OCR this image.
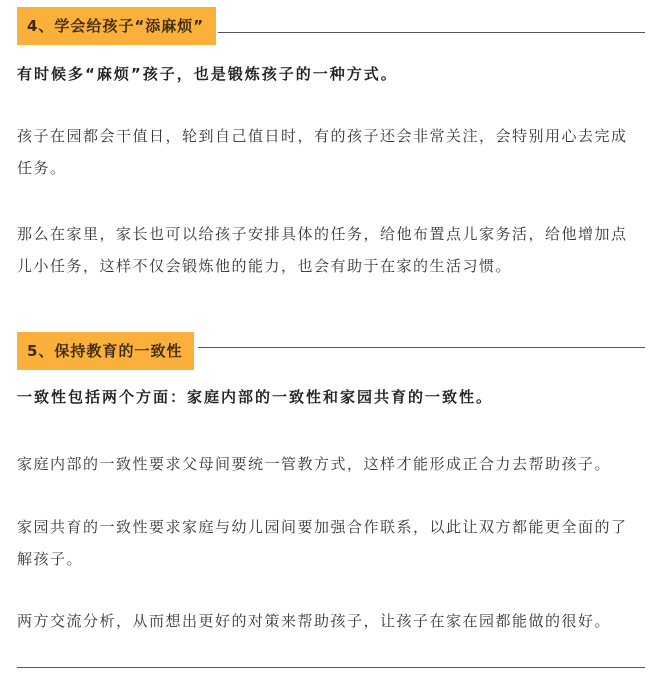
4、学会给孩子“添麻烦”

有时候多“麻烦”孩子，也是锻炼孩子的一种方式。

孩子在园都会干值日，轮到自己值日时，有的孩子还会非常关注，会特别用心去完成任务。

那么在家里，家长也可以给孩子安排具体的任务，给他布置点儿家务活，给他增加点儿小任务，这样不仅会锻炼他的能力，也会有助于在家的生活习惯。

5、保持教育的一致性

一致性包括两个方面：家庭内部的一致性和家园共育的一致性。

家庭内部的一致性要求父母间要统一管教方式，这样才能形成正合力去帮助孩子。

家园共育的一致性要求家庭与幼儿园间要加强合作联系，以此让双方都能更全面的了解孩子。

两方交流分析，从而想出更好的对策来帮助孩子，让孩子在家在园都能做的很好。
